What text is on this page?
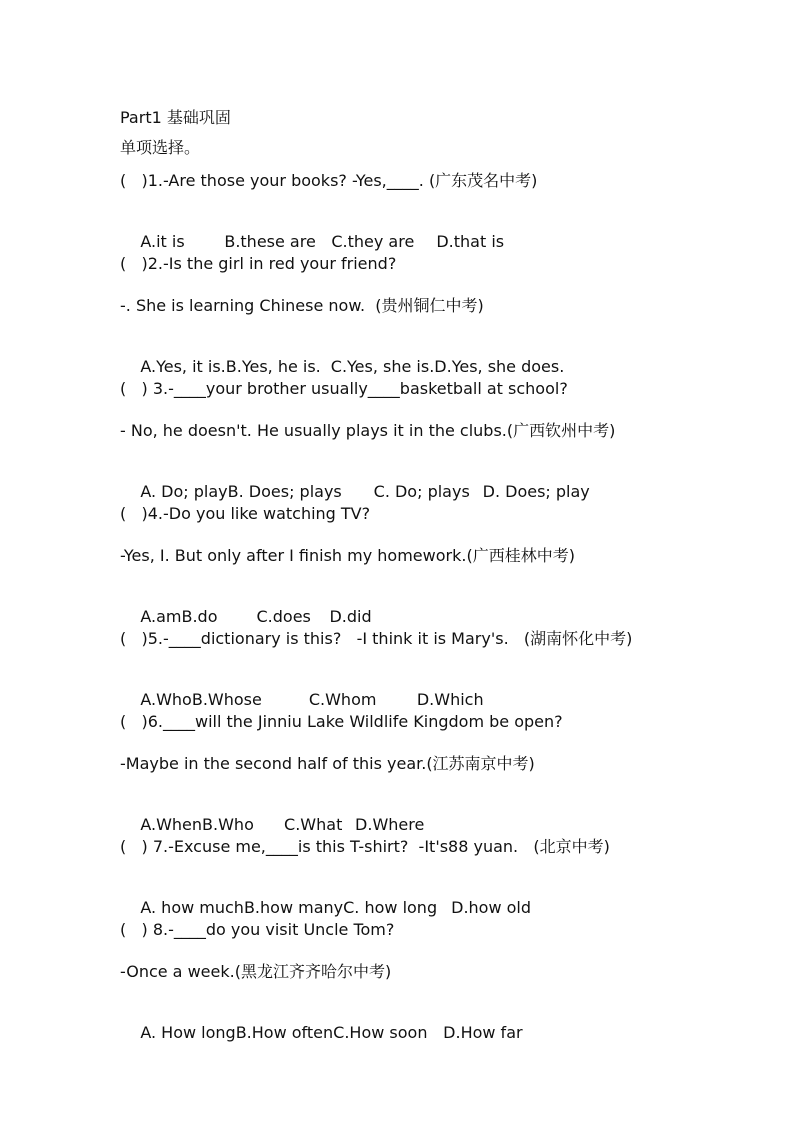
Part1 基础巩固
单项选择。
(   )1.-Are those your books? -Yes,____. (广东茂名中考)

A.it is B.these are C.they are D.that is

(   )2.-Is the girl in red your friend?
-. She is learning Chinese now.  (贵州铜仁中考)

A.Yes, it is.B.Yes, he is. C.Yes, she is.D.Yes, she does.

(   ) 3.-____your brother usually____basketball at school?
- No, he doesn't. He usually plays it in the clubs.(广西钦州中考)

A. Do; playB. Does; plays C. Do; plays D. Does; play

(   )4.-Do you like watching TV?
-Yes, I. But only after I finish my homework.(广西桂林中考)

A.amB.do C.does D.did

(   )5.-____dictionary is this?   -I think it is Mary's.   (湖南怀化中考)

A.WhoB.Whose	C.Whom	D.Which

(   )6.____will the Jinniu Lake Wildlife Kingdom be open?
-Maybe in the second half of this year.(江苏南京中考)

A.WhenB.Who C.What D.Where

(   ) 7.-Excuse me,____is this T-shirt?  -It's88 yuan.   (北京中考)

A. how muchB.how manyC. how long D.how old

(   ) 8.-____do you visit Uncle Tom?
-Once a week.(黑龙江齐齐哈尔中考)

A. How longB.How oftenC.How soon D.How far
